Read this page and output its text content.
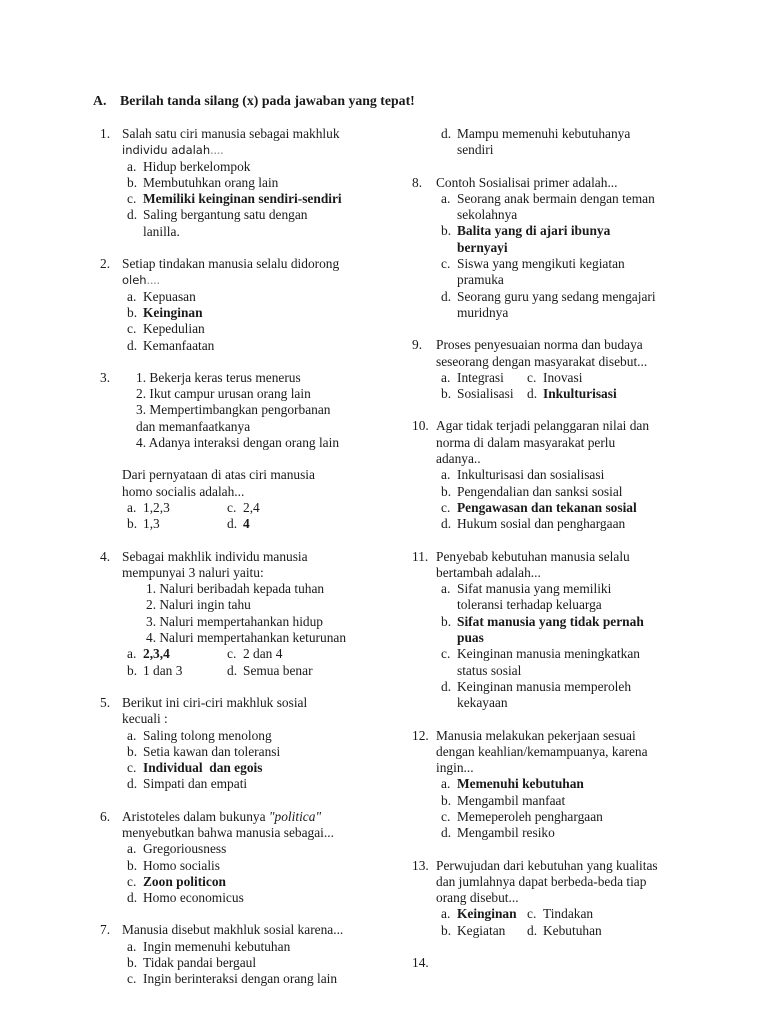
A. Berilah tanda silang (x) pada jawaban yang tepat!
1. Salah satu ciri manusia sebagai makhluk
individu adalah....
a. Hidup berkelompok
b. Membutuhkan orang lain
c. Memiliki keinginan sendiri-sendiri
d. Saling bergantung satu dengan
lanilla.
2. Setiap tindakan manusia selalu didorong
oleh....
a. Kepuasan
b. Keinginan
c. Kepedulian
d. Kemanfaatan
3.	1. Bekerja keras terus menerus
2. Ikut campur urusan orang lain
3. Mempertimbangkan pengorbanan
dan memanfaatkanya
4. Adanya interaksi dengan orang lain
Dari pernyataan di atas ciri manusia
homo socialis adalah...
a. 1,2,3	c. 2,4
b. 1,3	d. 4
4. Sebagai makhlik individu manusia
mempunyai 3 naluri yaitu:
1. Naluri beribadah kepada tuhan
2. Naluri ingin tahu
3. Naluri mempertahankan hidup
4. Naluri mempertahankan keturunan
a. 2,3,4	c. 2 dan 4
b. 1 dan 3	d. Semua benar
5. Berikut ini ciri-ciri makhluk sosial
kecuali :
a. Saling tolong menolong
b. Setia kawan dan toleransi
c. Individual  dan egois
d. Simpati dan empati
6. Aristoteles dalam bukunya "politica"
menyebutkan bahwa manusia sebagai...
a. Gregoriousness
b. Homo socialis
c. Zoon politicon
d. Homo economicus
7. Manusia disebut makhluk sosial karena...
a. Ingin memenuhi kebutuhan
b. Tidak pandai bergaul
c. Ingin berinteraksi dengan orang lain
d. Mampu memenuhi kebutuhanya
sendiri
8.	Contoh Sosialisai primer adalah...
a. Seorang anak bermain dengan teman
sekolahnya
b. Balita yang di ajari ibunya
bernyayi
c. Siswa yang mengikuti kegiatan
pramuka
d. Seorang guru yang sedang mengajari
muridnya
9.	Proses penyesuaian norma dan budaya
seseorang dengan masyarakat disebut...
a. Integrasi c. Inovasi
b. Sosialisasi d. Inkulturisasi
10. Agar tidak terjadi pelanggaran nilai dan
norma di dalam masyarakat perlu
adanya..
a. Inkulturisasi dan sosialisasi
b. Pengendalian dan sanksi sosial
c. Pengawasan dan tekanan sosial
d. Hukum sosial dan penghargaan
11. Penyebab kebutuhan manusia selalu
bertambah adalah...
a. Sifat manusia yang memiliki
toleransi terhadap keluarga
b. Sifat manusia yang tidak pernah
puas
c. Keinginan manusia meningkatkan
status sosial
d. Keinginan manusia memperoleh
kekayaan
12. Manusia melakukan pekerjaan sesuai
dengan keahlian/kemampuanya, karena
ingin...
a. Memenuhi kebutuhan
b. Mengambil manfaat
c. Memeperoleh penghargaan
d. Mengambil resiko
13. Perwujudan dari kebutuhan yang kualitas
dan jumlahnya dapat berbeda-beda tiap
orang disebut...
a. Keinginan c. Tindakan
b. Kegiatan d. Kebutuhan
14.
